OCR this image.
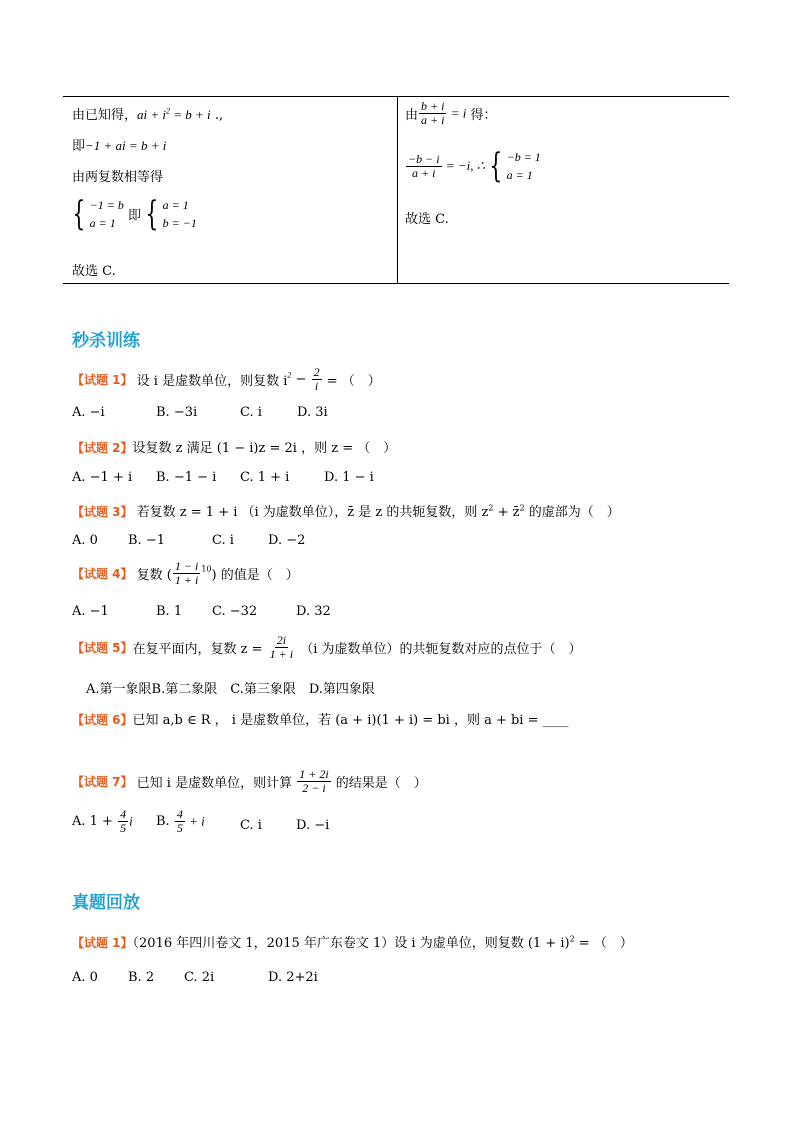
由已知得，ai + $i^2 = b + i$ .,
即−1 + ai = b + i
由两复数相等得
{ −1 = b
a = 1 即 { a = 1
b = −1
故选 C.
由 $\frac{b + i}{a + i} = i$ 得：
$\frac{-b - i}{a + i} = -i$, ∴ { −b = 1
a = 1
故选 C.
秒杀训练
【试题 1】 设 i 是虚数单位，则复数 $i^2 - \frac{2}{i}$ = （　）
A. −i	B. −3i	C. i	D. 3i
【试题 2】设复数 z 满足 (1 − i)z = 2i ，则 z = （　）
A. −1 + i B. −1 − i C. 1 + i	D. 1 − i
【试题 3】 若复数 z = 1 + i （i 为虚数单位），z̄ 是 z 的共轭复数，则 $z^2$ + z̄$^2$ 的虚部为（　）
A. 0 B. −1	C. i	D. −2
【试题 4】 复数 ( $\frac{1 - i}{1 + i} ^{10}$) 的值是（　）
A. −1	B. 1 C. −32	D. 32
【试题 5】在复平面内，复数 $z = \frac{2i}{1 + i} (i$ 为虚数单位）的共轭复数对应的点位于（　）
A.第一象限B.第二象限　C.第三象限　D.第四象限
【试题 6】已知 a,b ∈ R ， i 是虚数单位，若 (a + i)(1 + i) = bi ，则 a + bi = ____
【试题 7】 已知 i 是虚数单位，则计算 $\frac{1 + 2i}{2 - i}$ 的结果是（　）
A. $1 + \frac{4}{5}$ i B. $\frac{4}{5} + i$	C. i	D. −i
真题回放
【试题 1】（2016 年四川卷文 1，2015 年广东卷文 1）设 i 为虚单位，则复数 $(1 + i)^2$ = （　）
A. 0 B. 2 C. 2i	D. 2+2i
